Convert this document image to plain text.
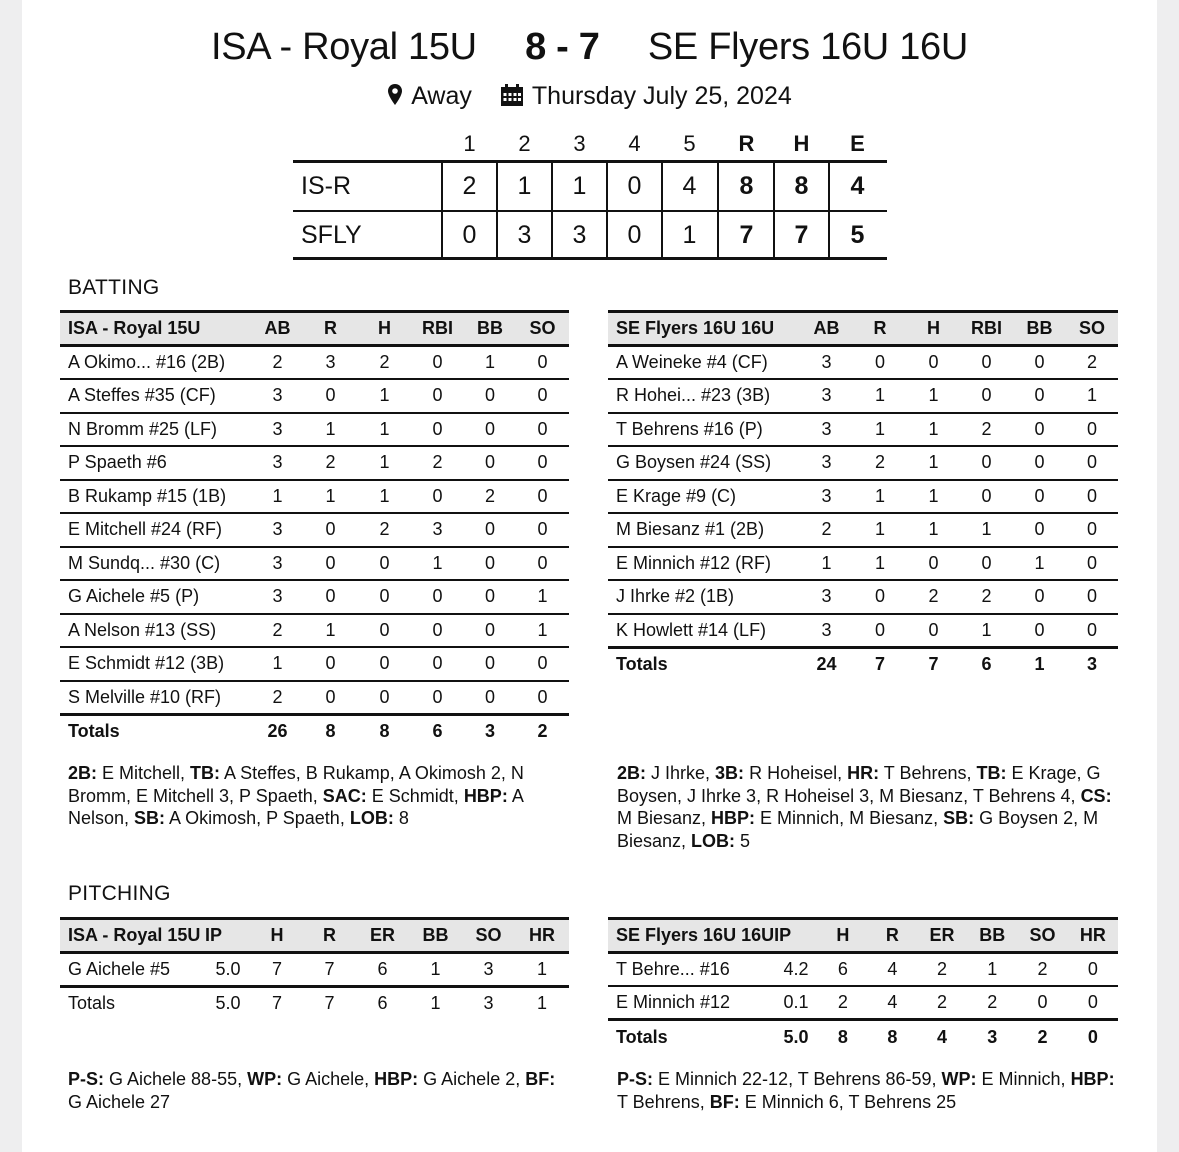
ISA - Royal 15U 8 - 7 SE Flyers 16U 16U
Away Thursday July 25, 2024
1	2	3	4	5	R	H	E
IS-R	2	1	1	0	4	8	8	4
SFLY	0	3	3	0	1	7	7	5
BATTING
ISA - Royal 15U	AB	R	H	RBI	BB	SO
A Okimo... #16 (2B)	2	3	2	0	1	0
A Steffes #35 (CF)	3	0	1	0	0	0
N Bromm #25 (LF)	3	1	1	0	0	0
P Spaeth #6	3	2	1	2	0	0
B Rukamp #15 (1B)	1	1	1	0	2	0
E Mitchell #24 (RF)	3	0	2	3	0	0
M Sundq... #30 (C)	3	0	0	1	0	0
G Aichele #5 (P)	3	0	0	0	0	1
A Nelson #13 (SS)	2	1	0	0	0	1
E Schmidt #12 (3B)	1	0	0	0	0	0
S Melville #10 (RF)	2	0	0	0	0	0
Totals	26	8	8	6	3	2
SE Flyers 16U 16U	AB	R	H	RBI	BB	SO
A Weineke #4 (CF)	3	0	0	0	0	2
R Hohei... #23 (3B)	3	1	1	0	0	1
T Behrens #16 (P)	3	1	1	2	0	0
G Boysen #24 (SS)	3	2	1	0	0	0
E Krage #9 (C)	3	1	1	0	0	0
M Biesanz #1 (2B)	2	1	1	1	0	0
E Minnich #12 (RF)	1	1	0	0	1	0
J Ihrke #2 (1B)	3	0	2	2	0	0
K Howlett #14 (LF)	3	0	0	1	0	0
Totals	24	7	7	6	1	3
2B: E Mitchell, TB: A Steffes, B Rukamp, A Okimosh 2, N Bromm, E Mitchell 3, P Spaeth, SAC: E Schmidt, HBP: A Nelson, SB: A Okimosh, P Spaeth, LOB: 8
2B: J Ihrke, 3B: R Hoheisel, HR: T Behrens, TB: E Krage, G Boysen, J Ihrke 3, R Hoheisel 3, M Biesanz, T Behrens 4, CS: M Biesanz, HBP: E Minnich, M Biesanz, SB: G Boysen 2, M Biesanz, LOB: 5
PITCHING
ISA - Royal 15U	IP	H	R	ER	BB	SO	HR
G Aichele #5	5.0	7	7	6	1	3	1
Totals	5.0	7	7	6	1	3	1
SE Flyers 16U 16U	IP	H	R	ER	BB	SO	HR
T Behre... #16	4.2	6	4	2	1	2	0
E Minnich #12	0.1	2	4	2	2	0	0
Totals	5.0	8	8	4	3	2	0
P-S: G Aichele 88-55, WP: G Aichele, HBP: G Aichele 2, BF: G Aichele 27
P-S: E Minnich 22-12, T Behrens 86-59, WP: E Minnich, HBP: T Behrens, BF: E Minnich 6, T Behrens 25
